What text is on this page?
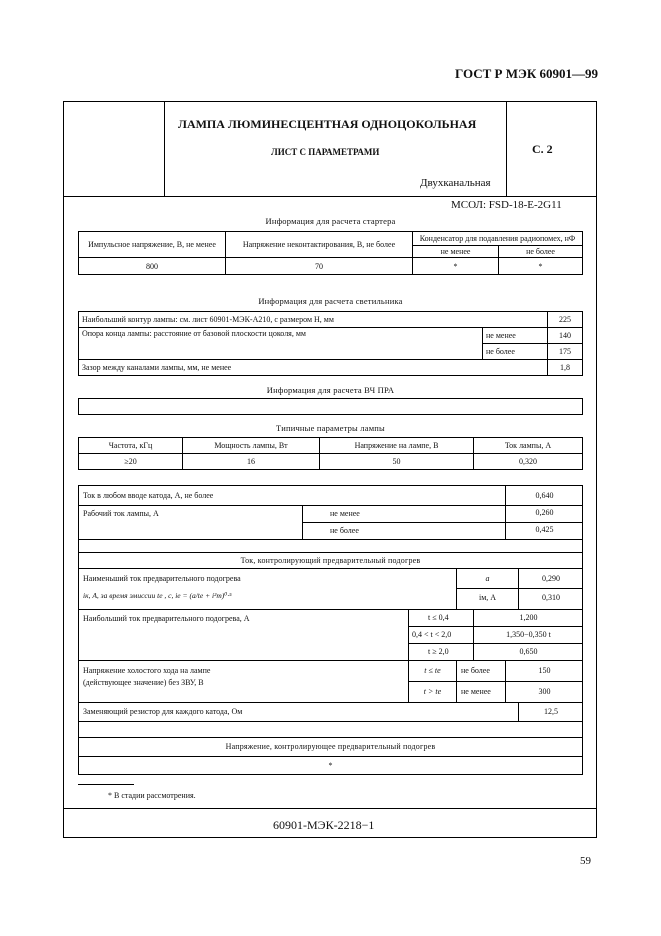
ГОСТ Р МЭК 60901—99
ЛАМПА ЛЮМИНЕСЦЕНТНАЯ ОДНОЦОКОЛЬНАЯ
ЛИСТ С ПАРАМЕТРАМИ	С. 2
Двухканальная
МСОЛ: FSD-18-E-2G11
Информация для расчета стартера
Импульсное напряжение, В, не менее	Напряжение неконтактирования, В, не более	Конденсатор для подавления радиопомех, нФ	
		не менее	не более
800	70	*	*
Информация для расчета светильника
Наибольший контур лампы: см. лист 60901-МЭК-А210, с размером H, мм		225
Опора конца лампы: расстояние от базовой плоскости цоколя, мм	не менее	140
	не более	175
Зазор между каналами лампы, мм, не менее		1,8
Информация для расчета ВЧ ПРА
Типичные параметры лампы
Частота, кГц	Мощность лампы, Вт	Напряжение на лампе, В	Ток лампы, А
≥20	16	50	0,320
Ток в любом вводе катода, А, не более	0,640
Рабочий ток лампы, А	не менее	0,260
не более	0,425
Ток, контролирующий предварительный подогрев
Наименьший ток предварительного подогрева
iк, А, за время эмиссии te , с, ie = (a/te + i²m)⁰·⁵
a	0,290
iм, А	0,310
Наибольший ток предварительного подогрева, А	t ≤ 0,4	1,200
0,4 < t < 2,0	1,350−0,350 t
t ≥ 2,0	0,650
Напряжение холостого хода на лампе
(действующее значение) без ЗВУ, В
t ≤ te	не более	150
t > te	не менее	300
Заменяющий резистор для каждого катода, Ом	12,5
Напряжение, контролирующее предварительный подогрев
*
* В стадии рассмотрения.
60901-МЭК-2218−1
59
